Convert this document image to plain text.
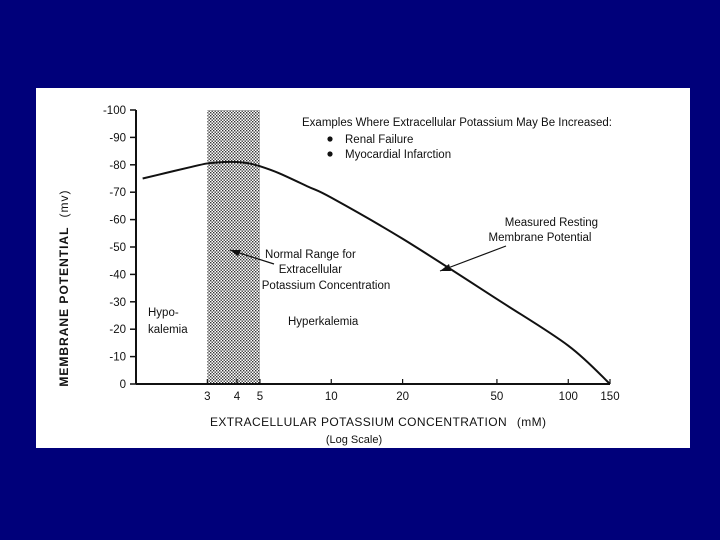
-100
-90
-80
-70
-60
-50
-40
-30
-20
-10
0
3 4 5	10	20	50	100 150
MEMBRANE POTENTIAL (mv)
EXTRACELLULAR POTASSIUM CONCENTRATION (mM)
(Log Scale)
Examples Where Extracellular Potassium May Be Increased:
Renal Failure
Myocardial Infarction
Measured Resting Membrane Potential
Normal Range for Extracellular Potassium Concentration
Hypo- kalemia
Hyperkalemia
